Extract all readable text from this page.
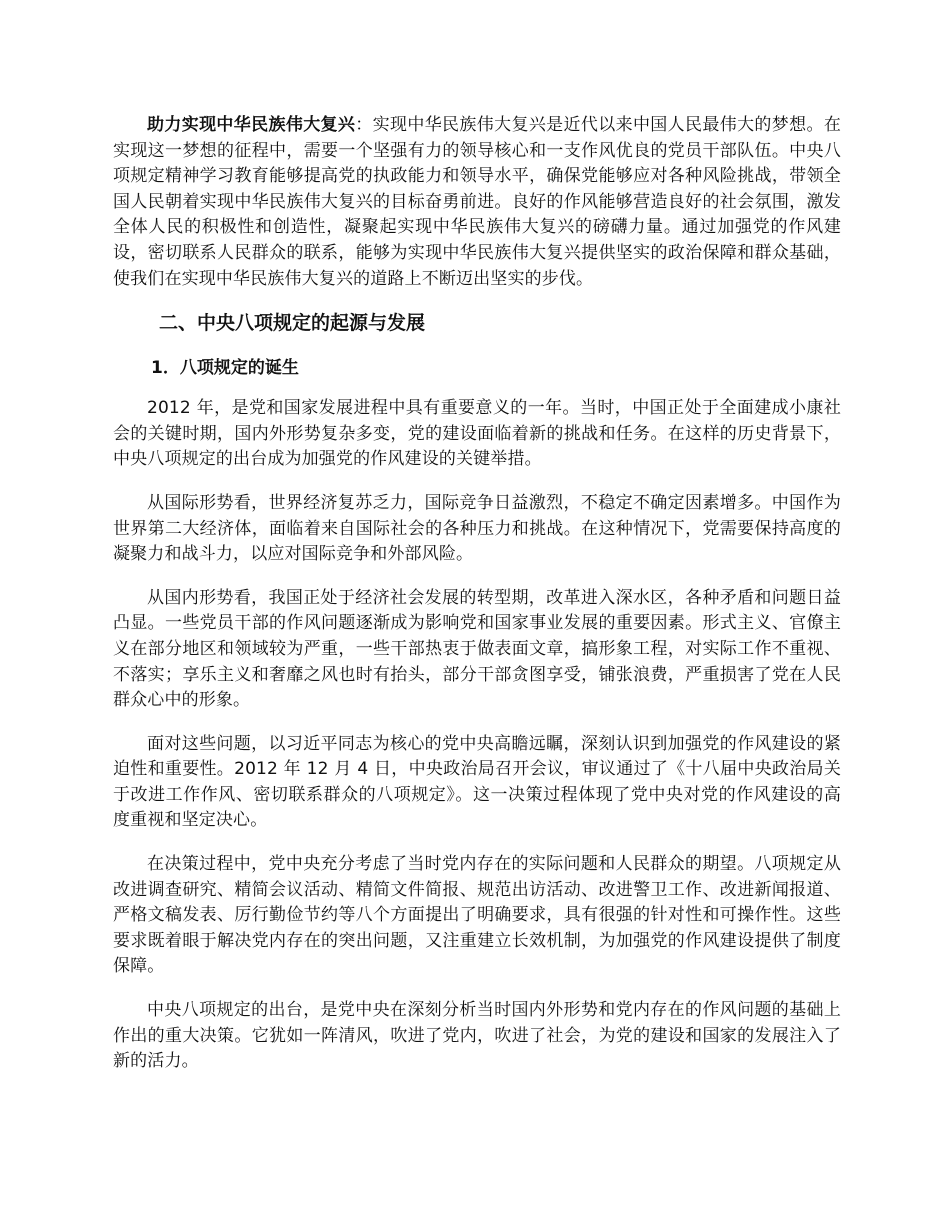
助力实现中华民族伟大复兴：实现中华民族伟大复兴是近代以来中国人民最伟大的梦想。在实现这一梦想的征程中，需要一个坚强有力的领导核心和一支作风优良的党员干部队伍。中央八项规定精神学习教育能够提高党的执政能力和领导水平，确保党能够应对各种风险挑战，带领全国人民朝着实现中华民族伟大复兴的目标奋勇前进。良好的作风能够营造良好的社会氛围，激发全体人民的积极性和创造性，凝聚起实现中华民族伟大复兴的磅礴力量。通过加强党的作风建设，密切联系人民群众的联系，能够为实现中华民族伟大复兴提供坚实的政治保障和群众基础，使我们在实现中华民族伟大复兴的道路上不断迈出坚实的步伐。

二、中央八项规定的起源与发展
1．八项规定的诞生

2012 年，是党和国家发展进程中具有重要意义的一年。当时，中国正处于全面建成小康社会的关键时期，国内外形势复杂多变，党的建设面临着新的挑战和任务。在这样的历史背景下，中央八项规定的出台成为加强党的作风建设的关键举措。

从国际形势看，世界经济复苏乏力，国际竞争日益激烈，不稳定不确定因素增多。中国作为世界第二大经济体，面临着来自国际社会的各种压力和挑战。在这种情况下，党需要保持高度的凝聚力和战斗力，以应对国际竞争和外部风险。

从国内形势看，我国正处于经济社会发展的转型期，改革进入深水区，各种矛盾和问题日益凸显。一些党员干部的作风问题逐渐成为影响党和国家事业发展的重要因素。形式主义、官僚主义在部分地区和领域较为严重，一些干部热衷于做表面文章，搞形象工程，对实际工作不重视、不落实；享乐主义和奢靡之风也时有抬头，部分干部贪图享受，铺张浪费，严重损害了党在人民群众心中的形象。

面对这些问题，以习近平同志为核心的党中央高瞻远瞩，深刻认识到加强党的作风建设的紧迫性和重要性。2012 年 12 月 4 日，中央政治局召开会议，审议通过了《十八届中央政治局关于改进工作作风、密切联系群众的八项规定》。这一决策过程体现了党中央对党的作风建设的高度重视和坚定决心。

在决策过程中，党中央充分考虑了当时党内存在的实际问题和人民群众的期望。八项规定从改进调查研究、精简会议活动、精简文件简报、规范出访活动、改进警卫工作、改进新闻报道、严格文稿发表、厉行勤俭节约等八个方面提出了明确要求，具有很强的针对性和可操作性。这些要求既着眼于解决党内存在的突出问题，又注重建立长效机制，为加强党的作风建设提供了制度保障。

中央八项规定的出台，是党中央在深刻分析当时国内外形势和党内存在的作风问题的基础上作出的重大决策。它犹如一阵清风，吹进了党内，吹进了社会，为党的建设和国家的发展注入了新的活力。
